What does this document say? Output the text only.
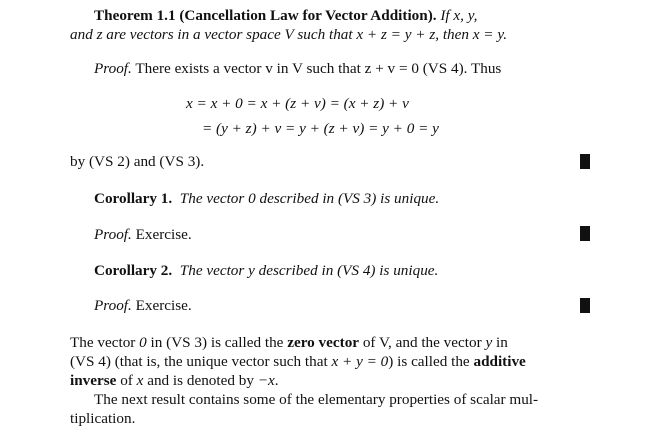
Theorem 1.1 (Cancellation Law for Vector Addition). If x, y,
and z are vectors in a vector space V such that x + z = y + z, then x = y.
Proof. There exists a vector v in V such that z + v = 0 (VS 4). Thus
x = x + 0 = x + (z + v) = (x + z) + v
= (y + z) + v = y + (z + v) = y + 0 = y
by (VS 2) and (VS 3).
Corollary 1. The vector 0 described in (VS 3) is unique.
Proof. Exercise.
Corollary 2. The vector y described in (VS 4) is unique.
Proof. Exercise.
The vector 0 in (VS 3) is called the zero vector of V, and the vector y in
(VS 4) (that is, the unique vector such that x + y = 0) is called the additive
inverse of x and is denoted by −x.
The next result contains some of the elementary properties of scalar mul-
tiplication.
